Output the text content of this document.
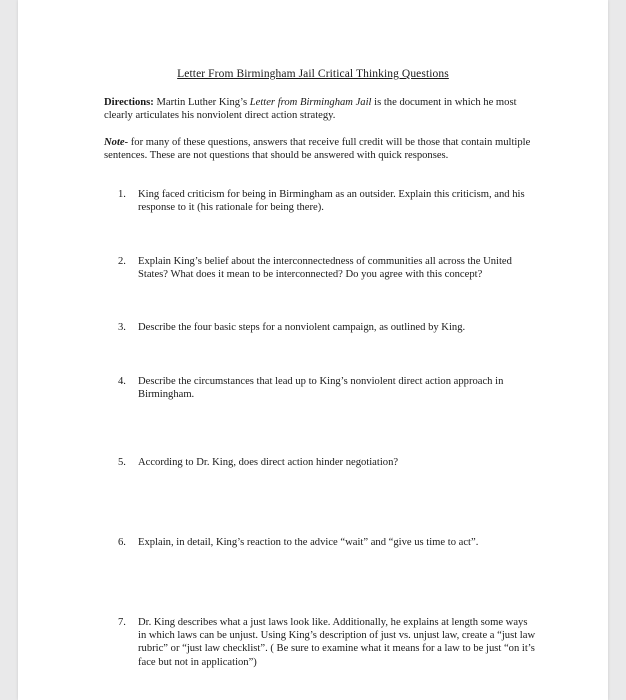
Letter From Birmingham Jail Critical Thinking Questions
Directions: Martin Luther King’s Letter from Birmingham Jail is the document in which he most clearly articulates his nonviolent direct action strategy.
Note- for many of these questions, answers that receive full credit will be those that contain multiple sentences. These are not questions that should be answered with quick responses.
1.	King faced criticism for being in Birmingham as an outsider. Explain this criticism, and his response to it (his rationale for being there).
2.	Explain King’s belief about the interconnectedness of communities all across the United States? What does it mean to be interconnected? Do you agree with this concept?
3.	Describe the four basic steps for a nonviolent campaign, as outlined by King.
4.	Describe the circumstances that lead up to King’s nonviolent direct action approach in Birmingham.
5.	According to Dr. King, does direct action hinder negotiation?
6.	Explain, in detail, King’s reaction to the advice “wait” and “give us time to act”.
7.	Dr. King describes what a just laws look like. Additionally, he explains at length some ways in which laws can be unjust. Using King’s description of just vs. unjust law, create a “just law rubric” or “just law checklist”. ( Be sure to examine what it means for a law to be just “on it’s face but not in application”)
